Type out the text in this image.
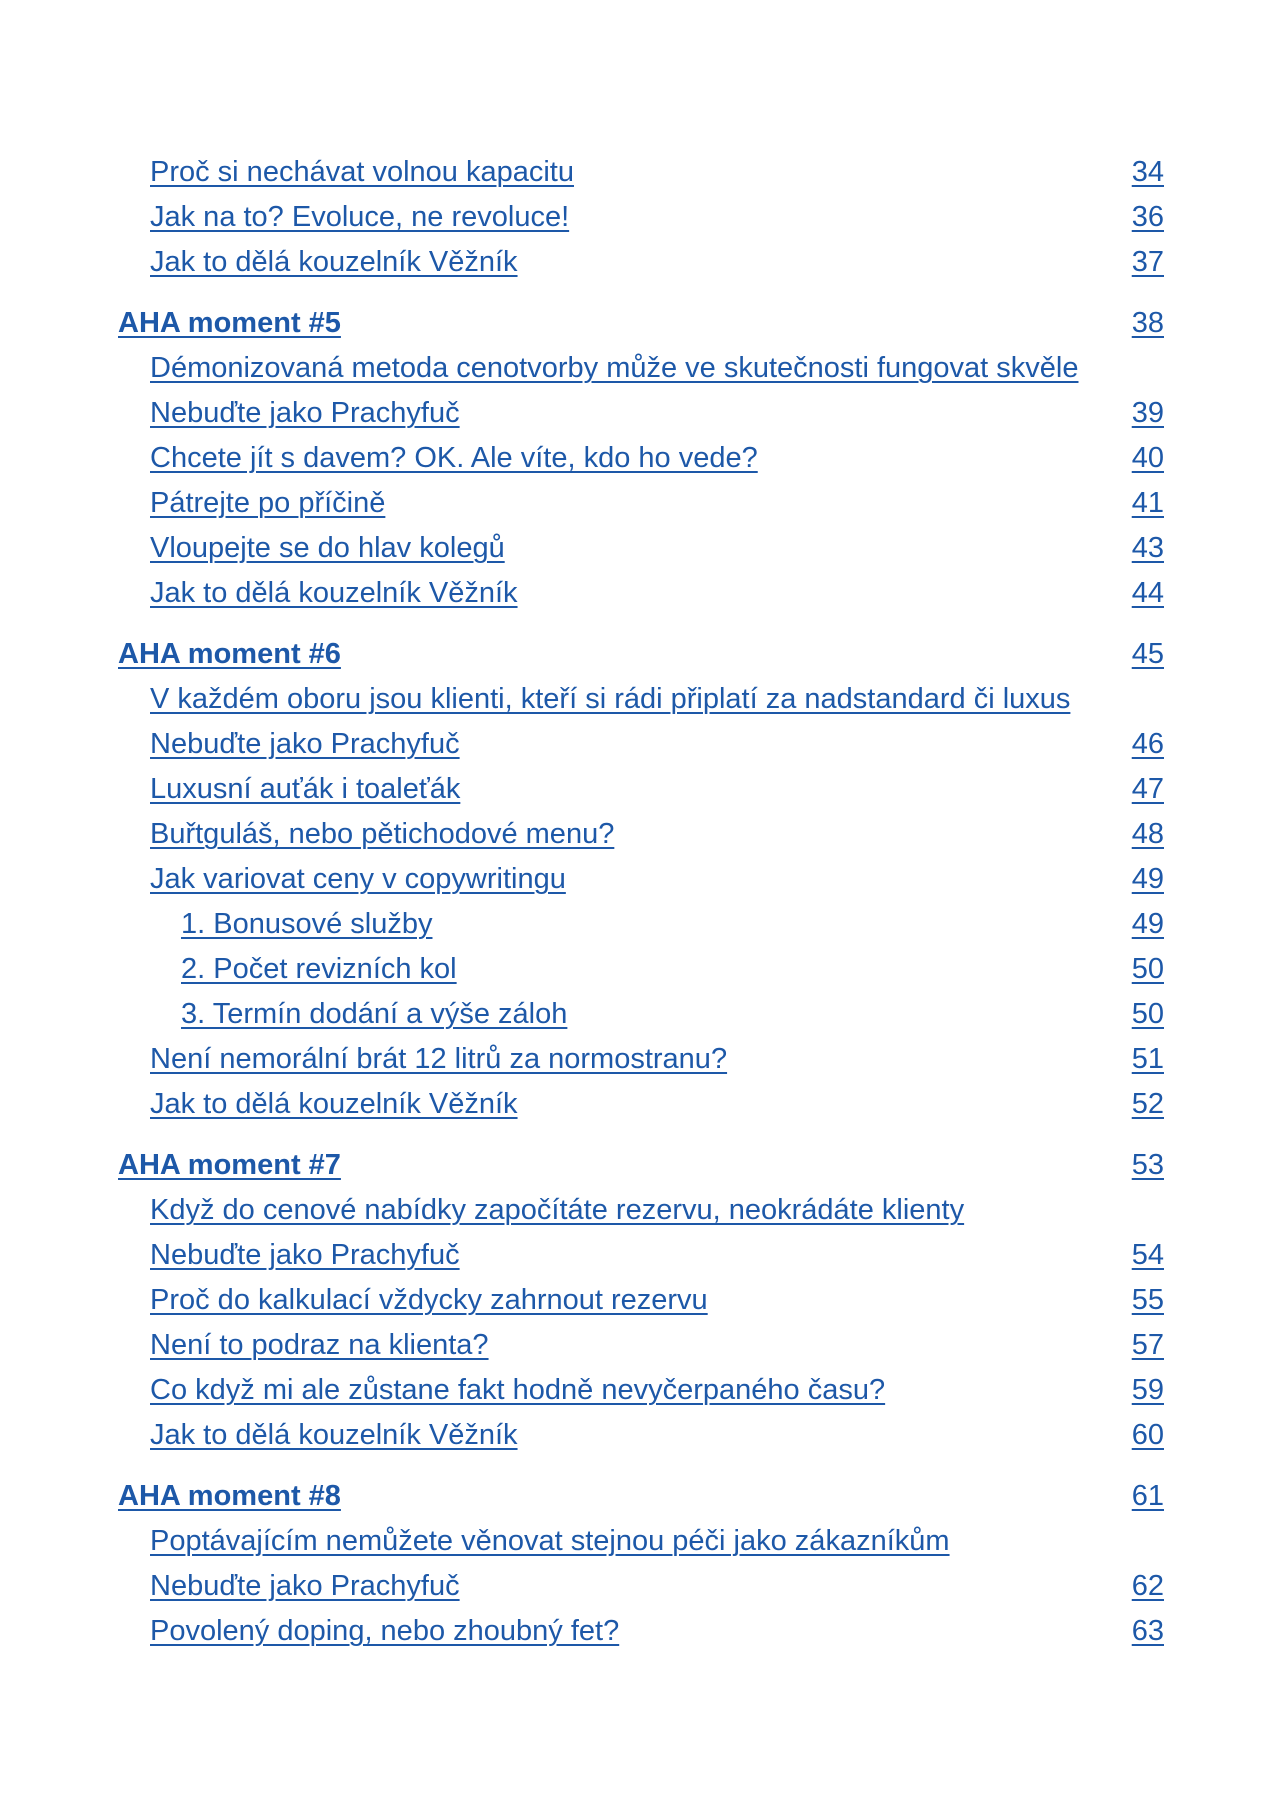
Proč si nechávat volnou kapacitu	34
Jak na to? Evoluce, ne revoluce!	36
Jak to dělá kouzelník Věžník	37
AHA moment #5	38
Démonizovaná metoda cenotvorby může ve skutečnosti fungovat skvěle
Nebuďte jako Prachyfuč	39
Chcete jít s davem? OK. Ale víte, kdo ho vede?	40
Pátrejte po příčině	41
Vloupejte se do hlav kolegů	43
Jak to dělá kouzelník Věžník	44
AHA moment #6	45
V každém oboru jsou klienti, kteří si rádi připlatí za nadstandard či luxus
Nebuďte jako Prachyfuč	46
Luxusní auťák i toaleťák	47
Buřtguláš, nebo pětichodové menu?	48
Jak variovat ceny v copywritingu	49
1. Bonusové služby	49
2. Počet revizních kol	50
3. Termín dodání a výše záloh	50
Není nemorální brát 12 litrů za normostranu?	51
Jak to dělá kouzelník Věžník	52
AHA moment #7	53
Když do cenové nabídky započítáte rezervu, neokrádáte klienty
Nebuďte jako Prachyfuč	54
Proč do kalkulací vždycky zahrnout rezervu	55
Není to podraz na klienta?	57
Co když mi ale zůstane fakt hodně nevyčerpaného času?	59
Jak to dělá kouzelník Věžník	60
AHA moment #8	61
Poptávajícím nemůžete věnovat stejnou péči jako zákazníkům
Nebuďte jako Prachyfuč	62
Povolený doping, nebo zhoubný fet?	63
